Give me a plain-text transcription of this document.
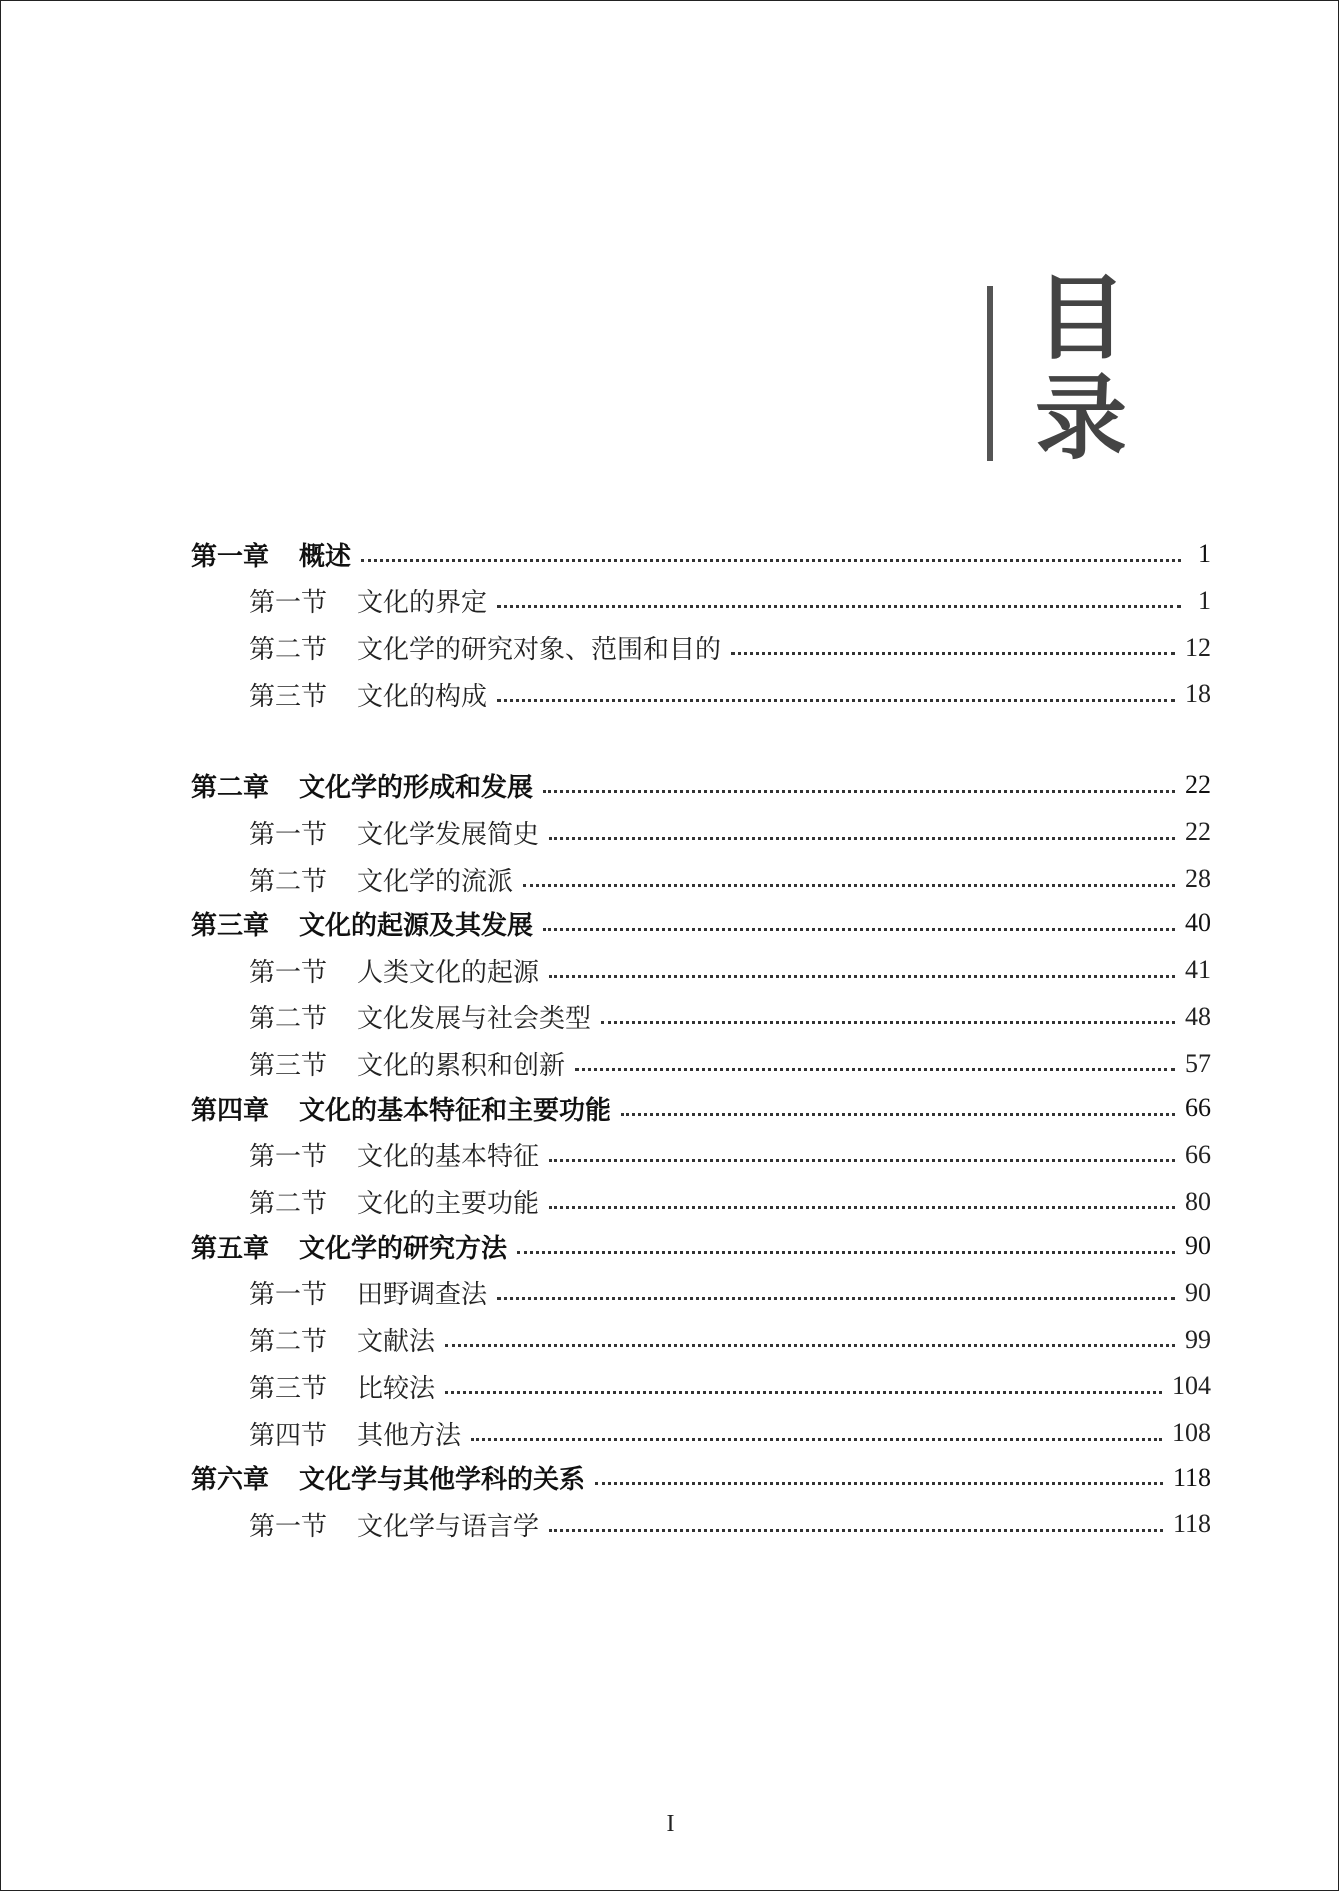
目
录
第一章 概述	1
第一节 文化的界定	1
第二节 文化学的研究对象、范围和目的	12
第三节 文化的构成	18
第二章 文化学的形成和发展	22
第一节 文化学发展简史	22
第二节 文化学的流派	28
第三章 文化的起源及其发展	40
第一节 人类文化的起源	41
第二节 文化发展与社会类型	48
第三节 文化的累积和创新	57
第四章 文化的基本特征和主要功能	66
第一节 文化的基本特征	66
第二节 文化的主要功能	80
第五章 文化学的研究方法	90
第一节 田野调查法	90
第二节 文献法	99
第三节 比较法	104
第四节 其他方法	108
第六章 文化学与其他学科的关系	118
第一节 文化学与语言学	118
I
